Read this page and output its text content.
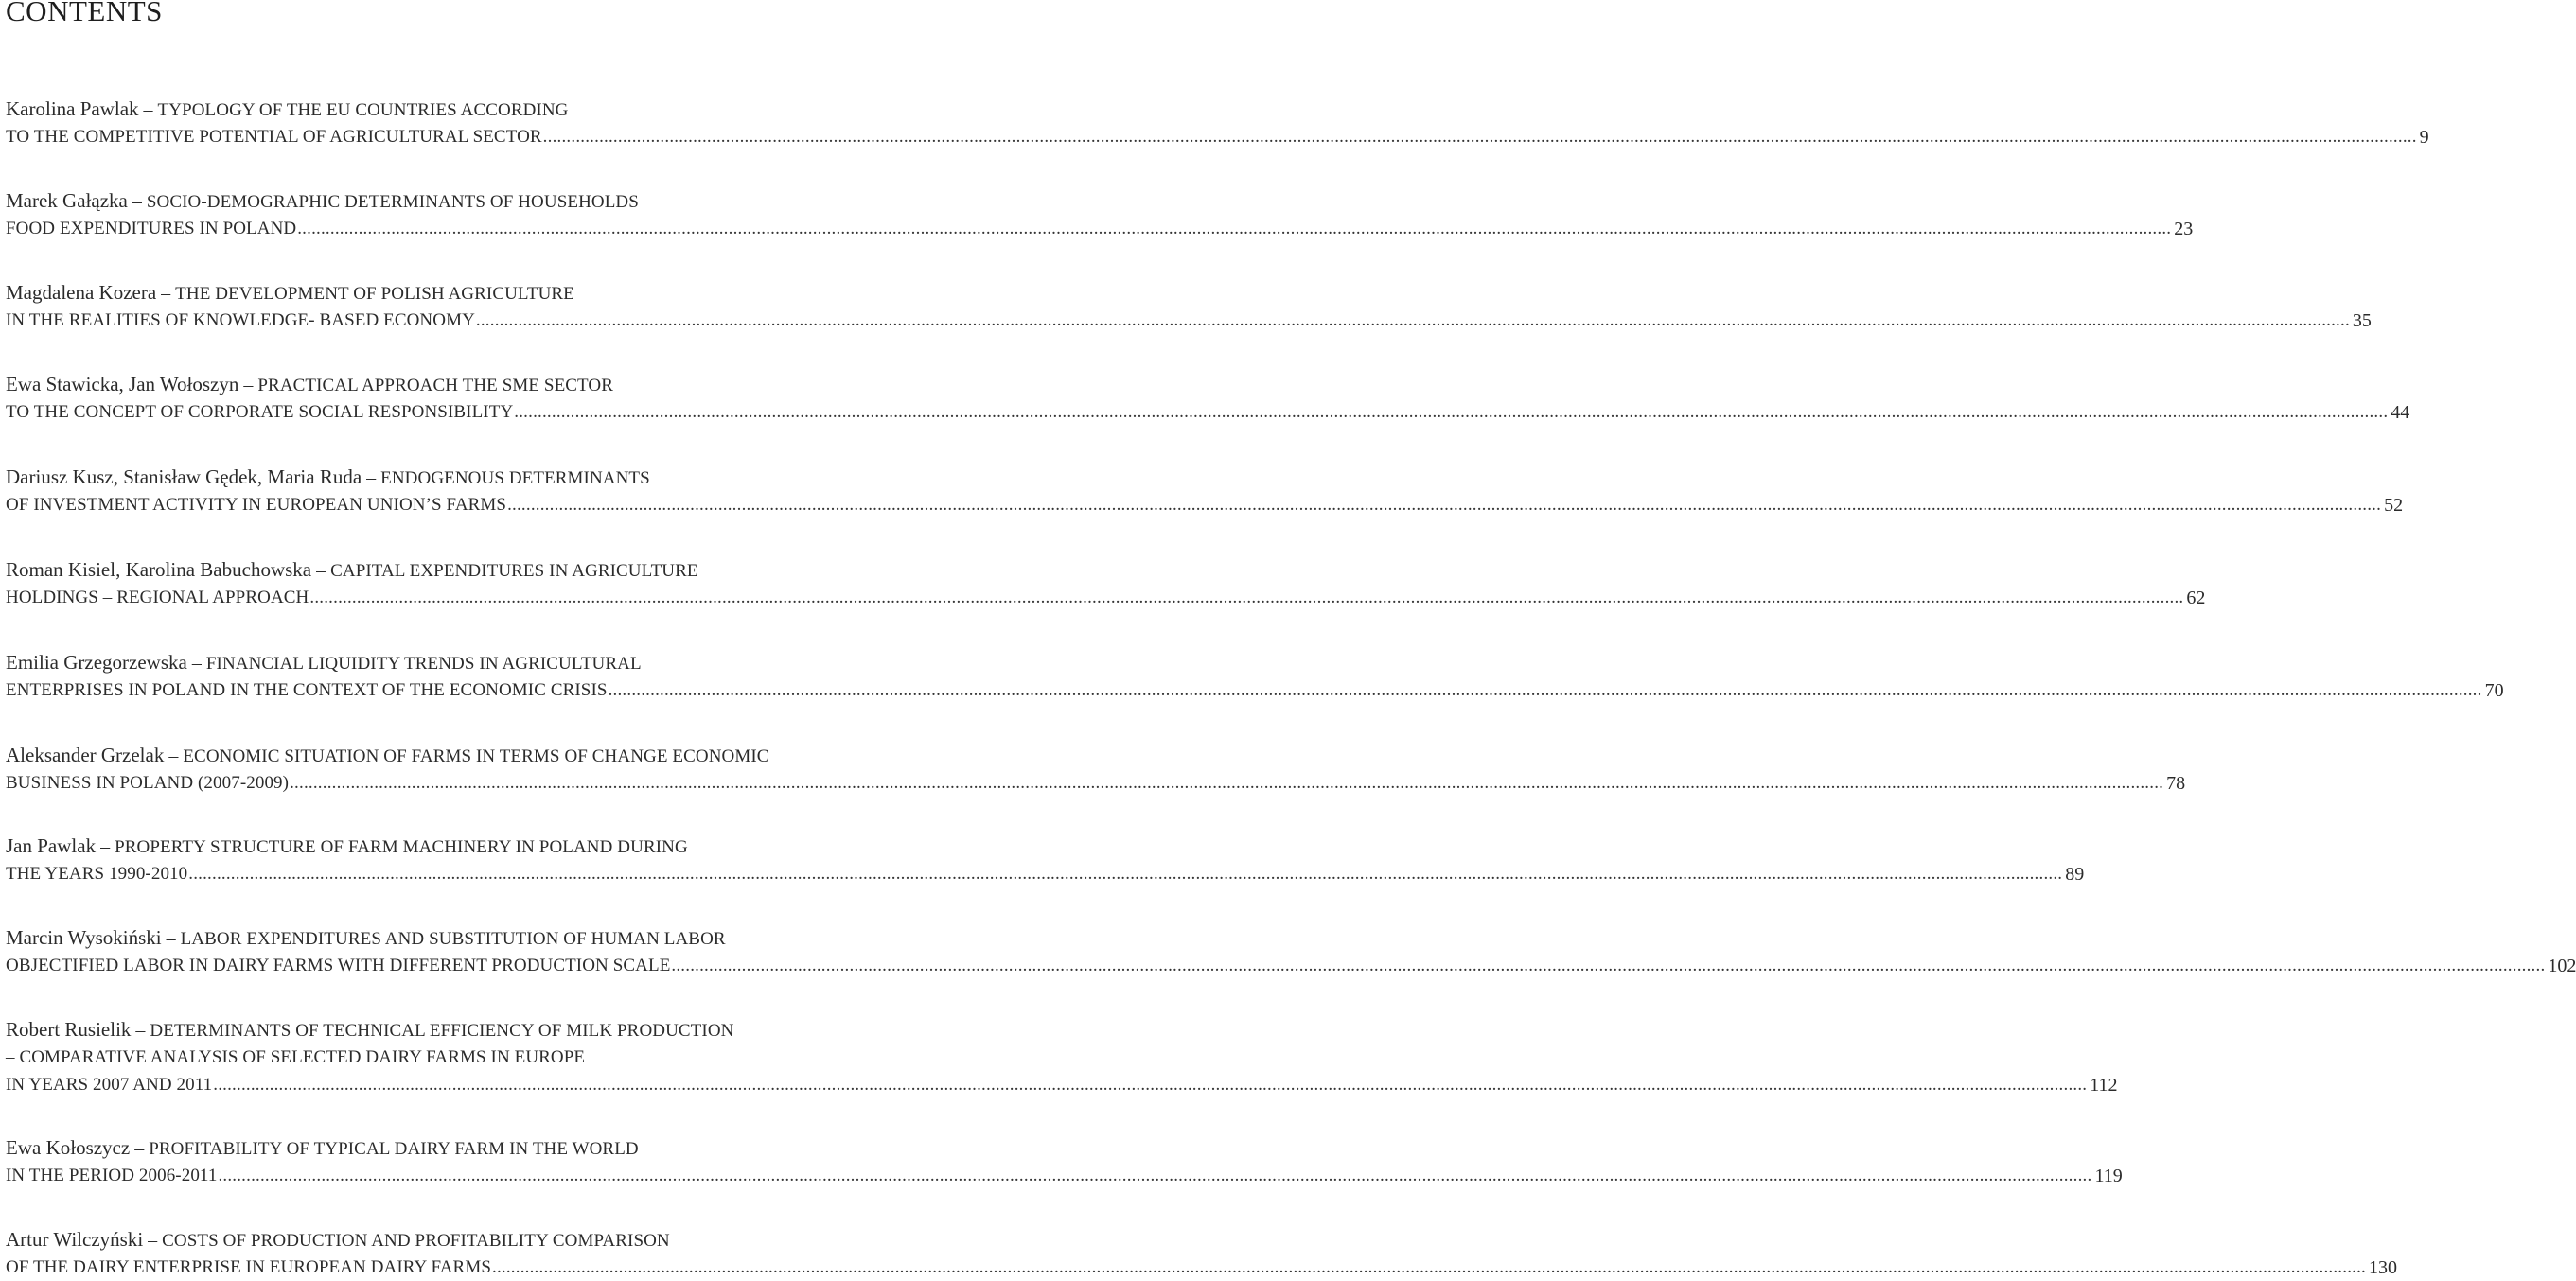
CONTENTS
Karolina Pawlak – TYPOLOGY OF THE EU COUNTRIES ACCORDING
TO THE COMPETITIVE POTENTIAL OF AGRICULTURAL SECTOR ................................................................................................................................................................................................................................................................................................................................................................................................................ 9
Marek Gałązka – SOCIO-DEMOGRAPHIC DETERMINANTS OF HOUSEHOLDS
FOOD EXPENDITURES IN POLAND ................................................................................................................................................................................................................................................................................................................................................................................................................ 23
Magdalena Kozera – THE DEVELOPMENT OF POLISH AGRICULTURE
IN THE REALITIES OF KNOWLEDGE- BASED ECONOMY ................................................................................................................................................................................................................................................................................................................................................................................................................ 35
Ewa Stawicka, Jan Wołoszyn – PRACTICAL APPROACH THE SME SECTOR
TO THE CONCEPT OF CORPORATE SOCIAL RESPONSIBILITY ................................................................................................................................................................................................................................................................................................................................................................................................................ 44
Dariusz Kusz, Stanisław Gędek, Maria Ruda – ENDOGENOUS DETERMINANTS
OF INVESTMENT ACTIVITY IN EUROPEAN UNION’S FARMS ................................................................................................................................................................................................................................................................................................................................................................................................................ 52
Roman Kisiel, Karolina Babuchowska – CAPITAL EXPENDITURES IN AGRICULTURE
HOLDINGS – REGIONAL APPROACH ................................................................................................................................................................................................................................................................................................................................................................................................................ 62
Emilia Grzegorzewska – FINANCIAL LIQUIDITY TRENDS IN AGRICULTURAL
ENTERPRISES IN POLAND IN THE CONTEXT OF THE ECONOMIC CRISIS ................................................................................................................................................................................................................................................................................................................................................................................................................ 70
Aleksander Grzelak – ECONOMIC SITUATION OF FARMS IN TERMS OF CHANGE ECONOMIC
BUSINESS IN POLAND (2007-2009) ................................................................................................................................................................................................................................................................................................................................................................................................................ 78
Jan Pawlak – PROPERTY STRUCTURE OF FARM MACHINERY IN POLAND DURING
THE YEARS 1990-2010 ................................................................................................................................................................................................................................................................................................................................................................................................................ 89
Marcin Wysokiński – LABOR EXPENDITURES AND SUBSTITUTION OF HUMAN LABOR
OBJECTIFIED LABOR IN DAIRY FARMS WITH DIFFERENT PRODUCTION SCALE ................................................................................................................................................................................................................................................................................................................................................................................................................ 102
Robert Rusielik – DETERMINANTS OF TECHNICAL EFFICIENCY OF MILK PRODUCTION
– COMPARATIVE ANALYSIS OF SELECTED DAIRY FARMS IN EUROPE
IN YEARS 2007 AND 2011 ................................................................................................................................................................................................................................................................................................................................................................................................................ 112
Ewa Kołoszycz – PROFITABILITY OF TYPICAL DAIRY FARM IN THE WORLD
IN THE PERIOD 2006-2011 ................................................................................................................................................................................................................................................................................................................................................................................................................ 119
Artur Wilczyński – COSTS OF PRODUCTION AND PROFITABILITY COMPARISON
OF THE DAIRY ENTERPRISE IN EUROPEAN DAIRY FARMS ................................................................................................................................................................................................................................................................................................................................................................................................................ 130
